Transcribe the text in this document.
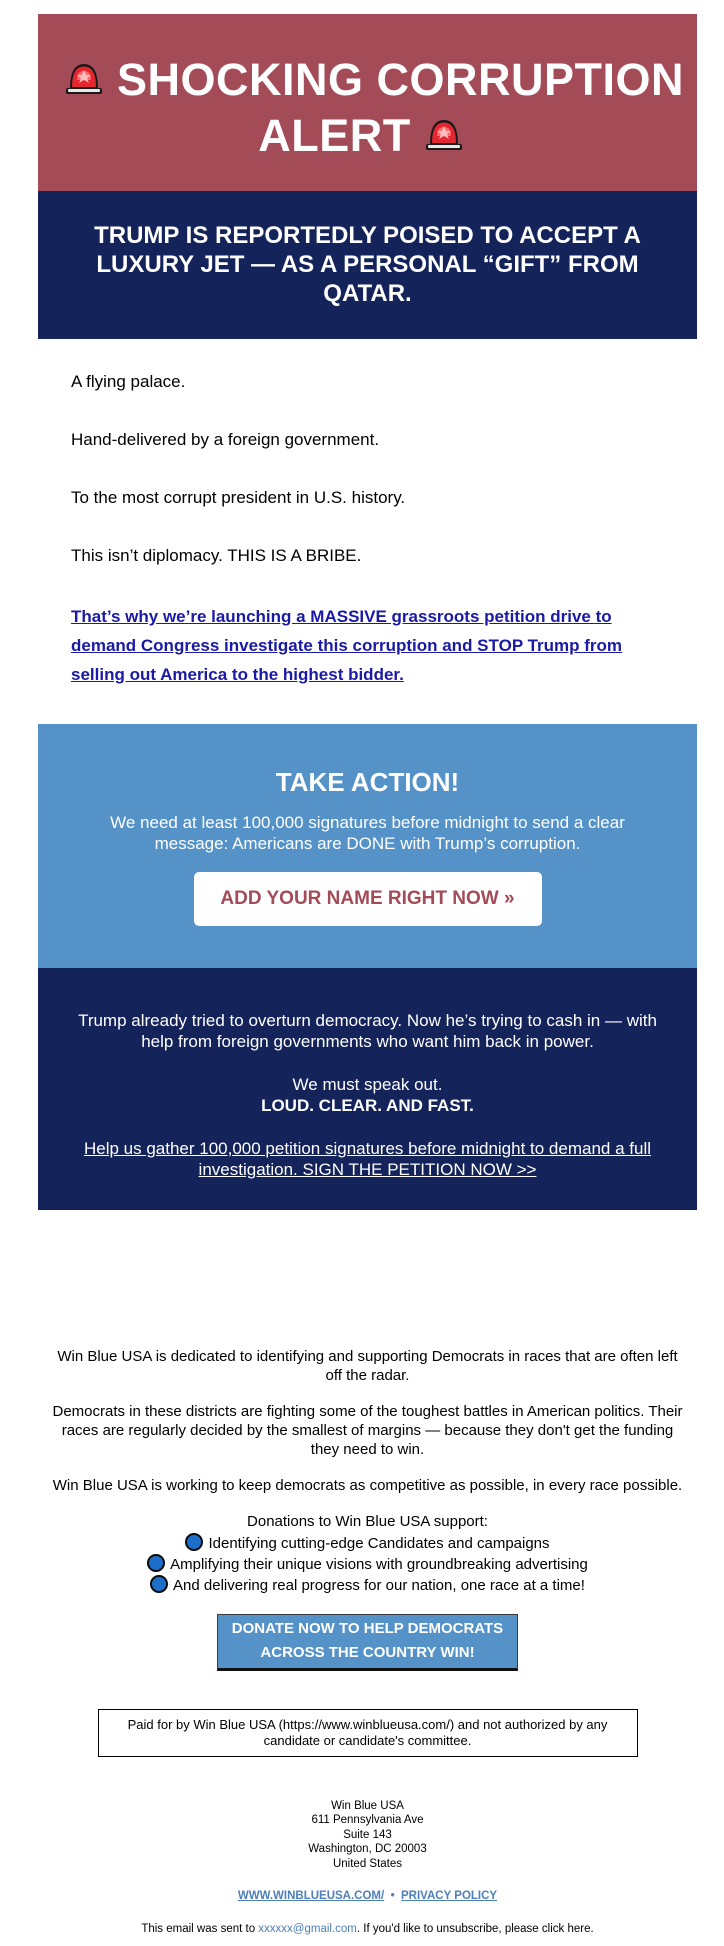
SHOCKING CORRUPTION
ALERT
TRUMP IS REPORTEDLY POISED TO ACCEPT A LUXURY JET — AS A PERSONAL “GIFT” FROM QATAR.

A flying palace.

Hand-delivered by a foreign government.

To the most corrupt president in U.S. history.

This isn’t diplomacy. THIS IS A BRIBE.

That’s why we’re launching a MASSIVE grassroots petition drive to demand Congress investigate this corruption and STOP Trump from selling out America to the highest bidder.
TAKE ACTION!

We need at least 100,000 signatures before midnight to send a clear message: Americans are DONE with Trump’s corruption.

ADD YOUR NAME RIGHT NOW »

Trump already tried to overturn democracy. Now he’s trying to cash in — with help from foreign governments who want him back in power.

We must speak out.
LOUD. CLEAR. AND FAST.

Help us gather 100,000 petition signatures before midnight to demand a full investigation. SIGN THE PETITION NOW >>

Win Blue USA is dedicated to identifying and supporting Democrats in races that are often left off the radar.

Democrats in these districts are fighting some of the toughest battles in American politics. Their races are regularly decided by the smallest of margins — because they don't get the funding they need to win.

Win Blue USA is working to keep democrats as competitive as possible, in every race possible.

Donations to Win Blue USA support:

Identifying cutting-edge Candidates and campaigns
Amplifying their unique visions with groundbreaking advertising
And delivering real progress for our nation, one race at a time!
DONATE NOW TO HELP DEMOCRATS ACROSS THE COUNTRY WIN!
Paid for by Win Blue USA (https://www.winblueusa.com/) and not authorized by any candidate or candidate's committee.
Win Blue USA
611 Pennsylvania Ave
Suite 143
Washington, DC 20003
United States
WWW.WINBLUEUSA.COM/ • PRIVACY POLICY
This email was sent to xxxxxx@gmail.com. If you'd like to unsubscribe, please click here.
